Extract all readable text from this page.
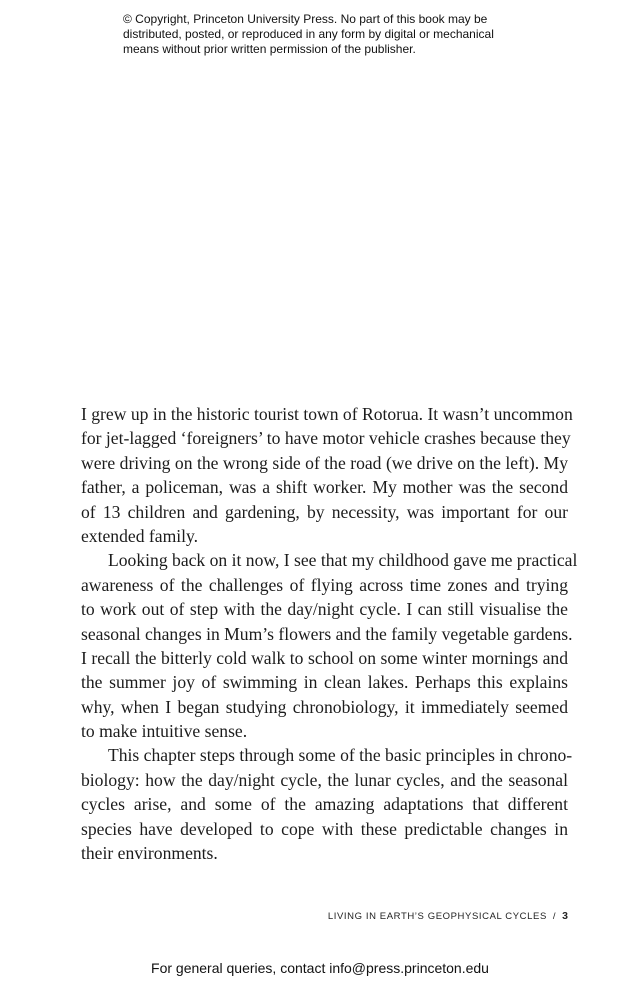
© Copyright, Princeton University Press. No part of this book may be
distributed, posted, or reproduced in any form by digital or mechanical
means without prior written permission of the publisher.
I grew up in the historic tourist town of Rotorua. It wasn’t uncommon
for jet-lagged ‘foreigners’ to have motor vehicle crashes because they
were driving on the wrong side of the road (we drive on the left). My
father, a policeman, was a shift worker. My mother was the second
of 13 children and gardening, by necessity, was important for our
extended family.
Looking back on it now, I see that my childhood gave me practical
awareness of the challenges of flying across time zones and trying
to work out of step with the day/night cycle. I can still visualise the
seasonal changes in Mum’s flowers and the family vegetable gardens.
I recall the bitterly cold walk to school on some winter mornings and
the summer joy of swimming in clean lakes. Perhaps this explains
why, when I began studying chronobiology, it immediately seemed
to make intuitive sense.
This chapter steps through some of the basic principles in chrono-
biology: how the day/night cycle, the lunar cycles, and the seasonal
cycles arise, and some of the amazing adaptations that different
species have developed to cope with these predictable changes in
their environments.
LIVING IN EARTH’S GEOPHYSICAL CYCLES / 3
For general queries, contact info@press.princeton.edu
